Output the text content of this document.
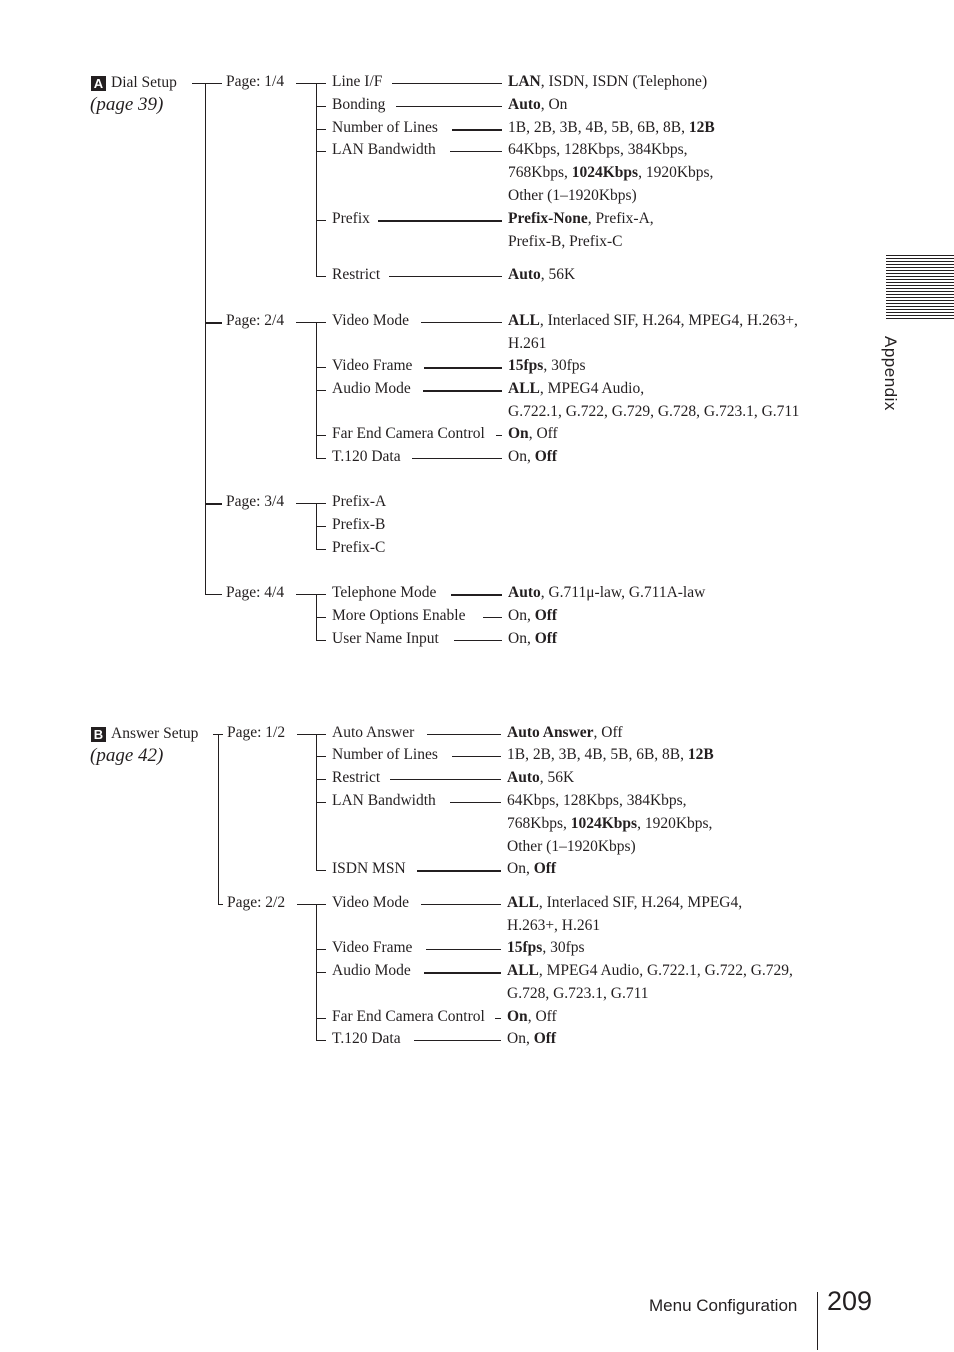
Appendix
Menu Configuration 209
A Dial Setup
(page 39)
B Answer Setup
(page 42)
Page: 1/4	Line I/F	LAN, ISDN, ISDN (Telephone)
Bonding	Auto, On
Number of Lines	1B, 2B, 3B, 4B, 5B, 6B, 8B, 12B
LAN Bandwidth	64Kbps, 128Kbps, 384Kbps,
768Kbps, 1024Kbps, 1920Kbps,
Other (1–1920Kbps)
Prefix	Prefix-None, Prefix-A,
Prefix-B, Prefix-C
Restrict	Auto, 56K
Page: 2/4	Video Mode	ALL, Interlaced SIF, H.264, MPEG4, H.263+,
H.261
Video Frame	15fps, 30fps
Audio Mode	ALL, MPEG4 Audio,
G.722.1, G.722, G.729, G.728, G.723.1, G.711
Far End Camera Control On, Off
T.120 Data	On, Off
Page: 3/4	Prefix-A
Prefix-B
Prefix-C
Page: 4/4	Telephone Mode	Auto, G.711μ-law, G.711A-law
More Options Enable	On, Off
User Name Input	On, Off
Page: 1/2	Auto Answer	Auto Answer, Off
Number of Lines	1B, 2B, 3B, 4B, 5B, 6B, 8B, 12B
Restrict	Auto, 56K
LAN Bandwidth	64Kbps, 128Kbps, 384Kbps,
768Kbps, 1024Kbps, 1920Kbps,
Other (1–1920Kbps)
ISDN MSN	On, Off
Page: 2/2	Video Mode	ALL, Interlaced SIF, H.264, MPEG4,
H.263+, H.261
Video Frame	15fps, 30fps
Audio Mode	ALL, MPEG4 Audio, G.722.1, G.722, G.729,
G.728, G.723.1, G.711
Far End Camera Control On, Off
T.120 Data	On, Off
